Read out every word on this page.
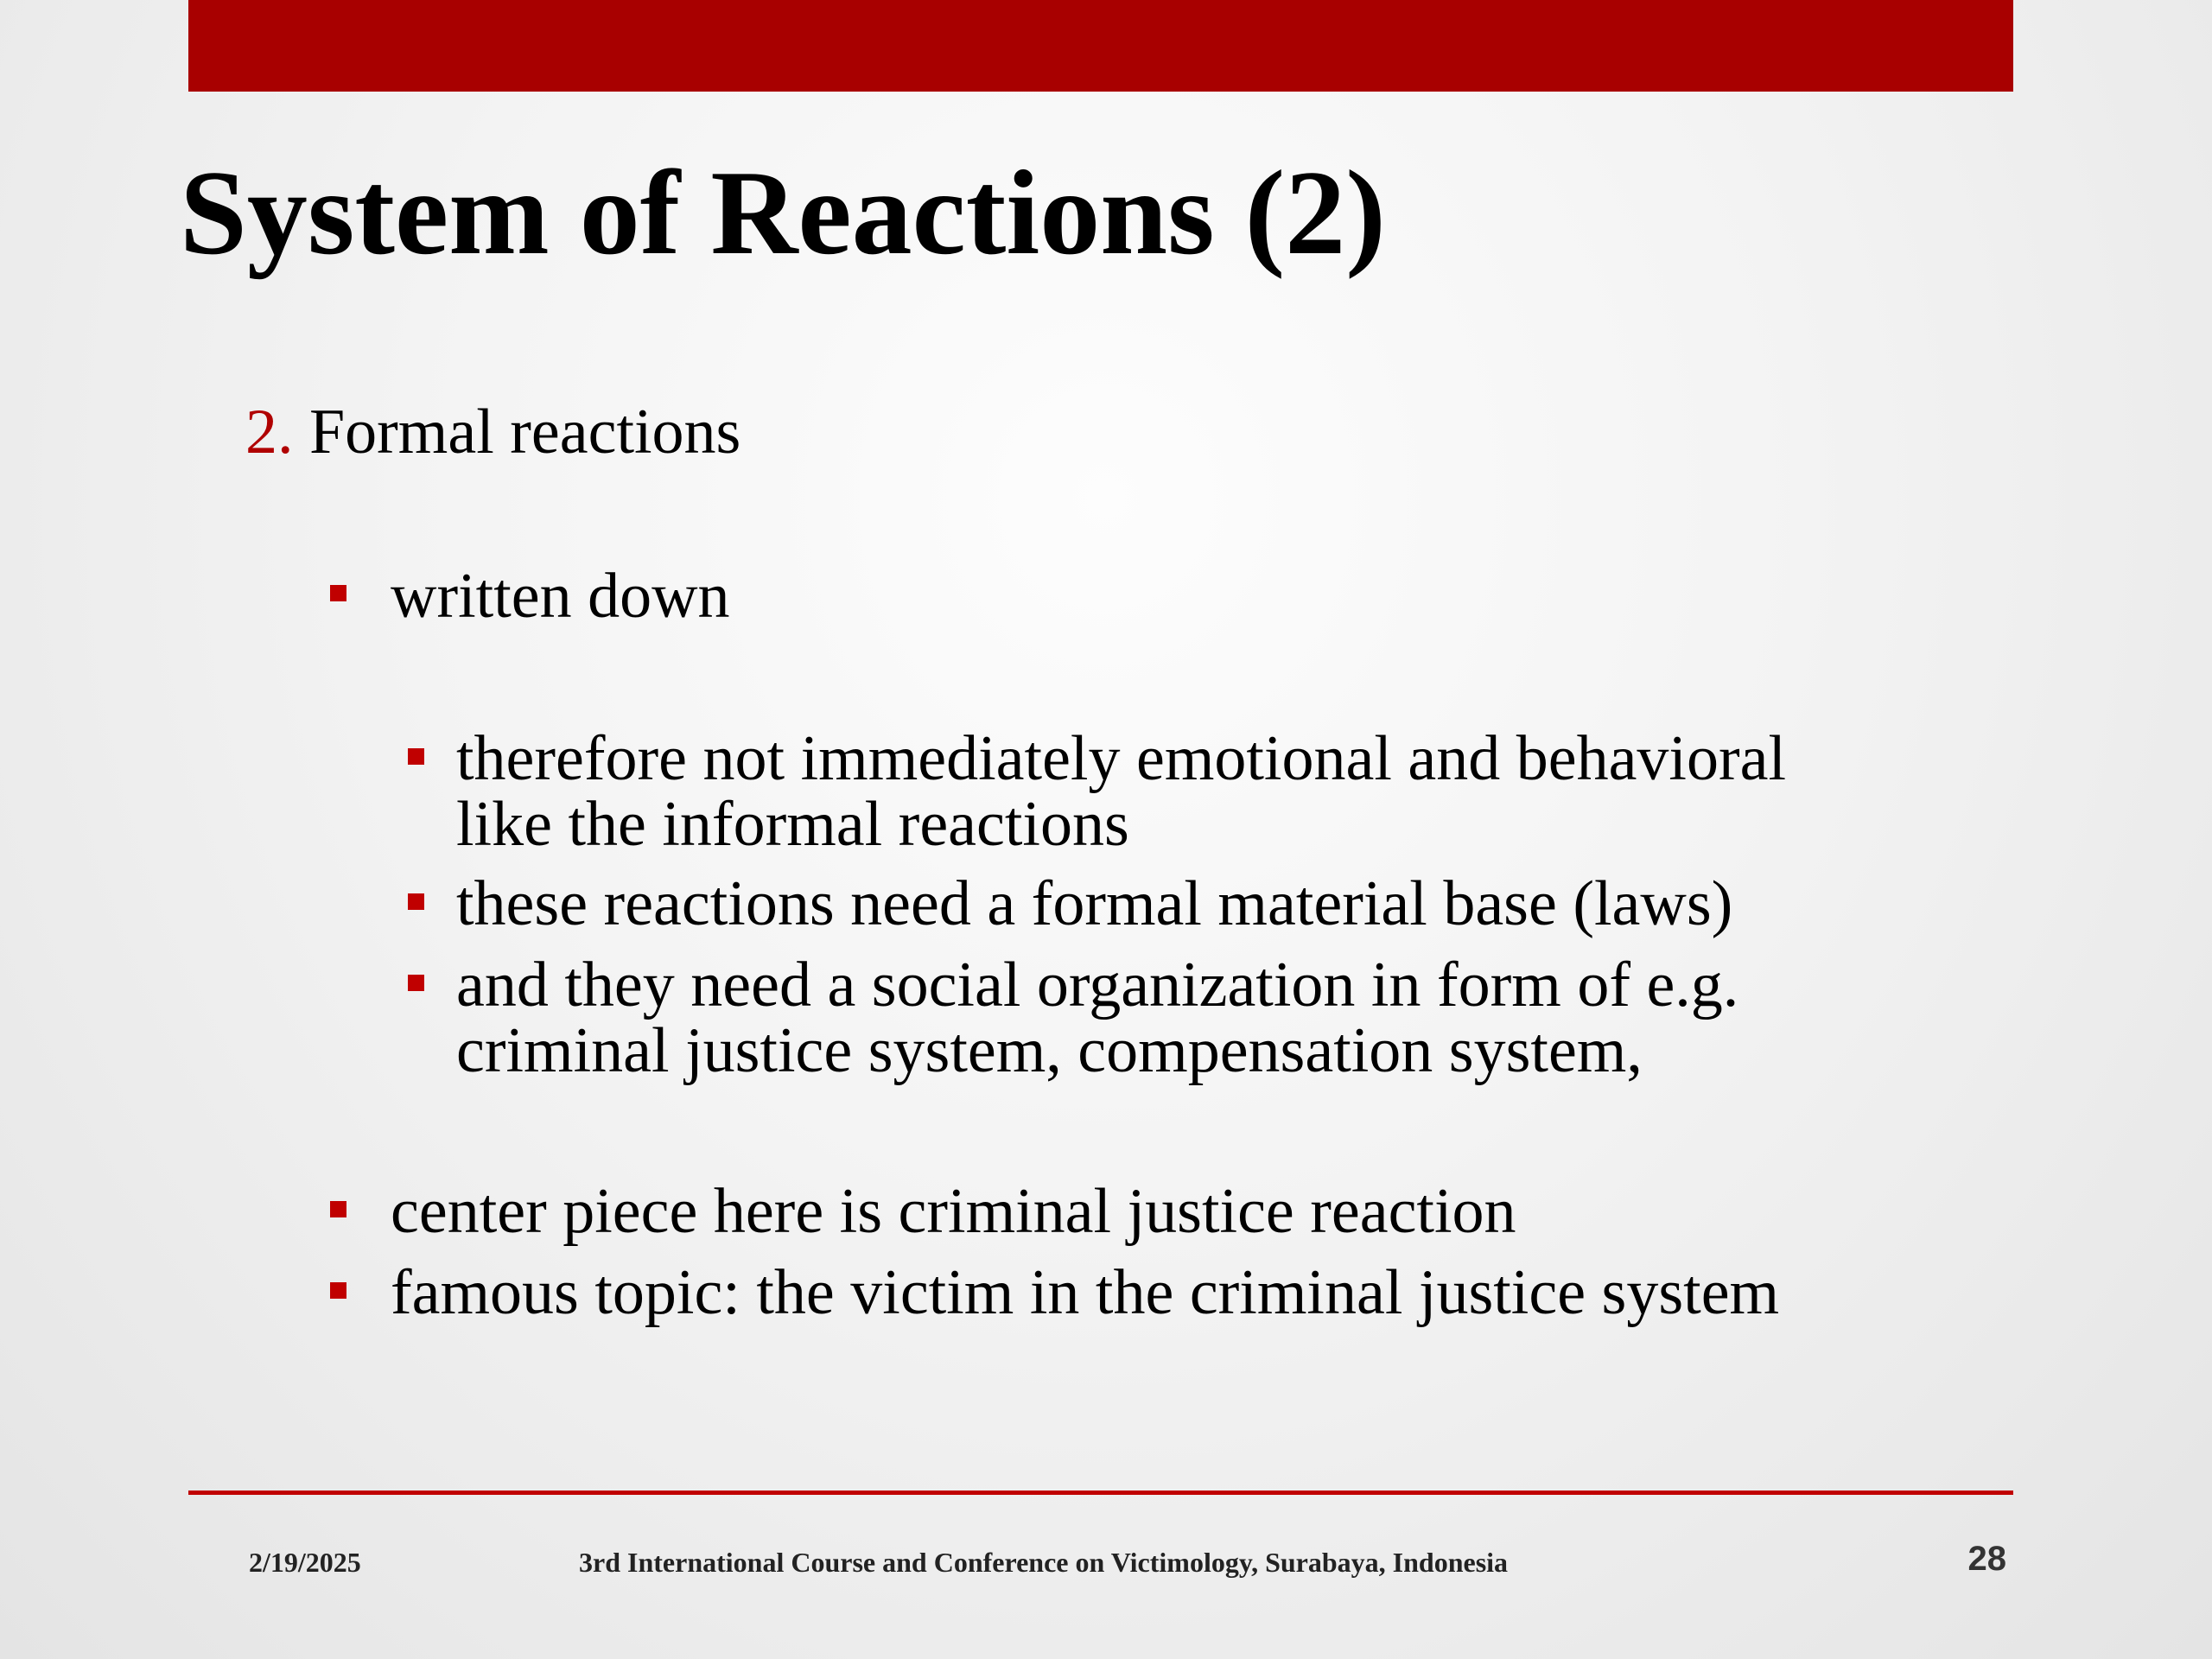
System of Reactions (2)
2. Formal reactions
written down
therefore not immediately emotional and behavioral
like the informal reactions
these reactions need a formal material base (laws)
and they need a social organization in form of e.g.
criminal justice system, compensation system,
center piece here is criminal justice reaction
famous topic: the victim in the criminal justice system
2/19/2025	3rd International Course and Conference on Victimology, Surabaya, Indonesia	28
